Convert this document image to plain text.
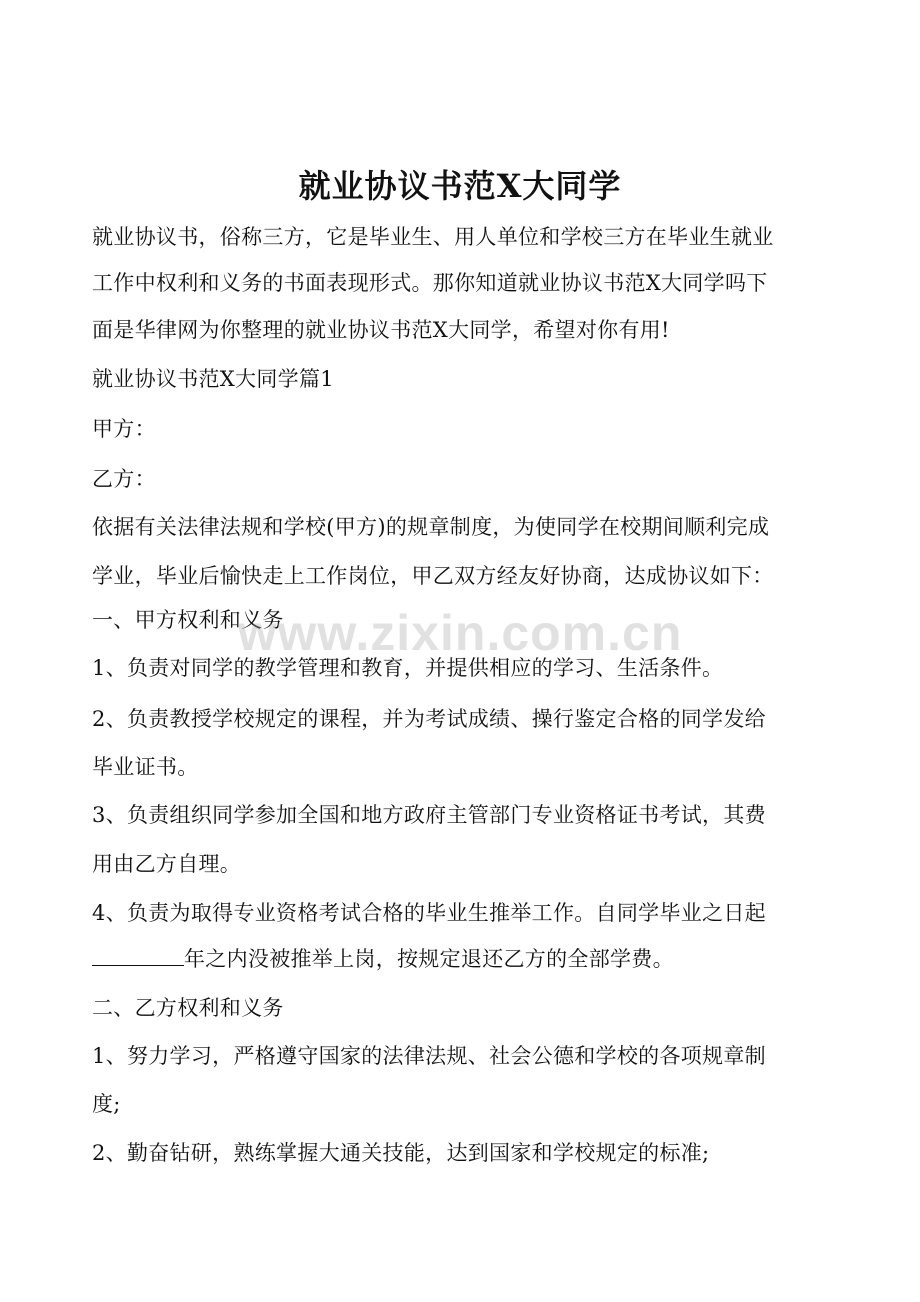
就业协议书范X大同学
就业协议书，俗称三方，它是毕业生、用人单位和学校三方在毕业生就业
工作中权利和义务的书面表现形式。那你知道就业协议书范X大同学吗下
面是华律网为你整理的就业协议书范X大同学，希望对你有用!
就业协议书范X大同学篇1
甲方：
乙方：
依据有关法律法规和学校(甲方)的规章制度，为使同学在校期间顺利完成
学业，毕业后愉快走上工作岗位，甲乙双方经友好协商，达成协议如下：
一、甲方权利和义务
1、负责对同学的教学管理和教育，并提供相应的学习、生活条件。
2、负责教授学校规定的课程，并为考试成绩、操行鉴定合格的同学发给
毕业证书。
3、负责组织同学参加全国和地方政府主管部门专业资格证书考试，其费
用由乙方自理。
4、负责为取得专业资格考试合格的毕业生推举工作。自同学毕业之日起
年之内没被推举上岗，按规定退还乙方的全部学费。
二、乙方权利和义务
1、努力学习，严格遵守国家的法律法规、社会公德和学校的各项规章制
度;
2、勤奋钻研，熟练掌握大通关技能，达到国家和学校规定的标准;
www.zixin.com.cn
